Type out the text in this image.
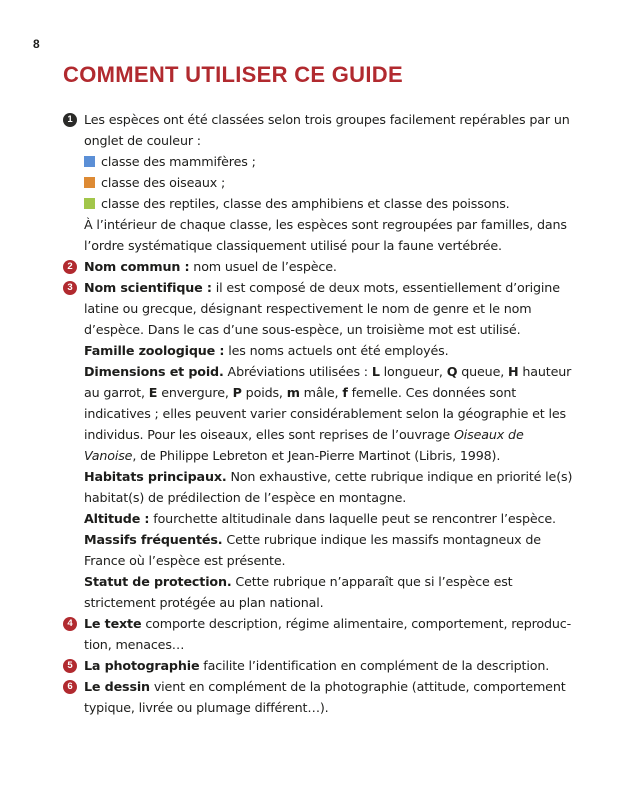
8
COMMENT UTILISER CE GUIDE
1 Les espèces ont été classées selon trois groupes facilement repérables par un onglet de couleur :
classe des mammifères ;
classe des oiseaux ;
classe des reptiles, classe des amphibiens et classe des poissons.
À l’intérieur de chaque classe, les espèces sont regroupées par familles, dans l’ordre systématique classiquement utilisé pour la faune vertébrée.
2 Nom commun : nom usuel de l’espèce.
3 Nom scientifique : il est composé de deux mots, essentiellement d’origine latine ou grecque, désignant respectivement le nom de genre et le nom d’espèce. Dans le cas d’une sous-espèce, un troisième mot est utilisé.
Famille zoologique : les noms actuels ont été employés.
Dimensions et poid. Abréviations utilisées : L longueur, Q queue, H hauteur au garrot, E envergure, P poids, m mâle, f femelle. Ces données sont indicatives ; elles peuvent varier considérablement selon la géographie et les individus. Pour les oiseaux, elles sont reprises de l’ouvrage Oiseaux de Vanoise, de Philippe Lebreton et Jean-Pierre Martinot (Libris, 1998).
Habitats principaux. Non exhaustive, cette rubrique indique en priorité le(s) habitat(s) de prédilection de l’espèce en montagne.
Altitude : fourchette altitudinale dans laquelle peut se rencontrer l’espèce.
Massifs fréquentés. Cette rubrique indique les massifs montagneux de France où l’espèce est présente.
Statut de protection. Cette rubrique n’apparaît que si l’espèce est strictement protégée au plan national.
4 Le texte comporte description, régime alimentaire, comportement, reproduction, menaces…
5 La photographie facilite l’identification en complément de la description.
6 Le dessin vient en complément de la photographie (attitude, comportement typique, livrée ou plumage différent…).
